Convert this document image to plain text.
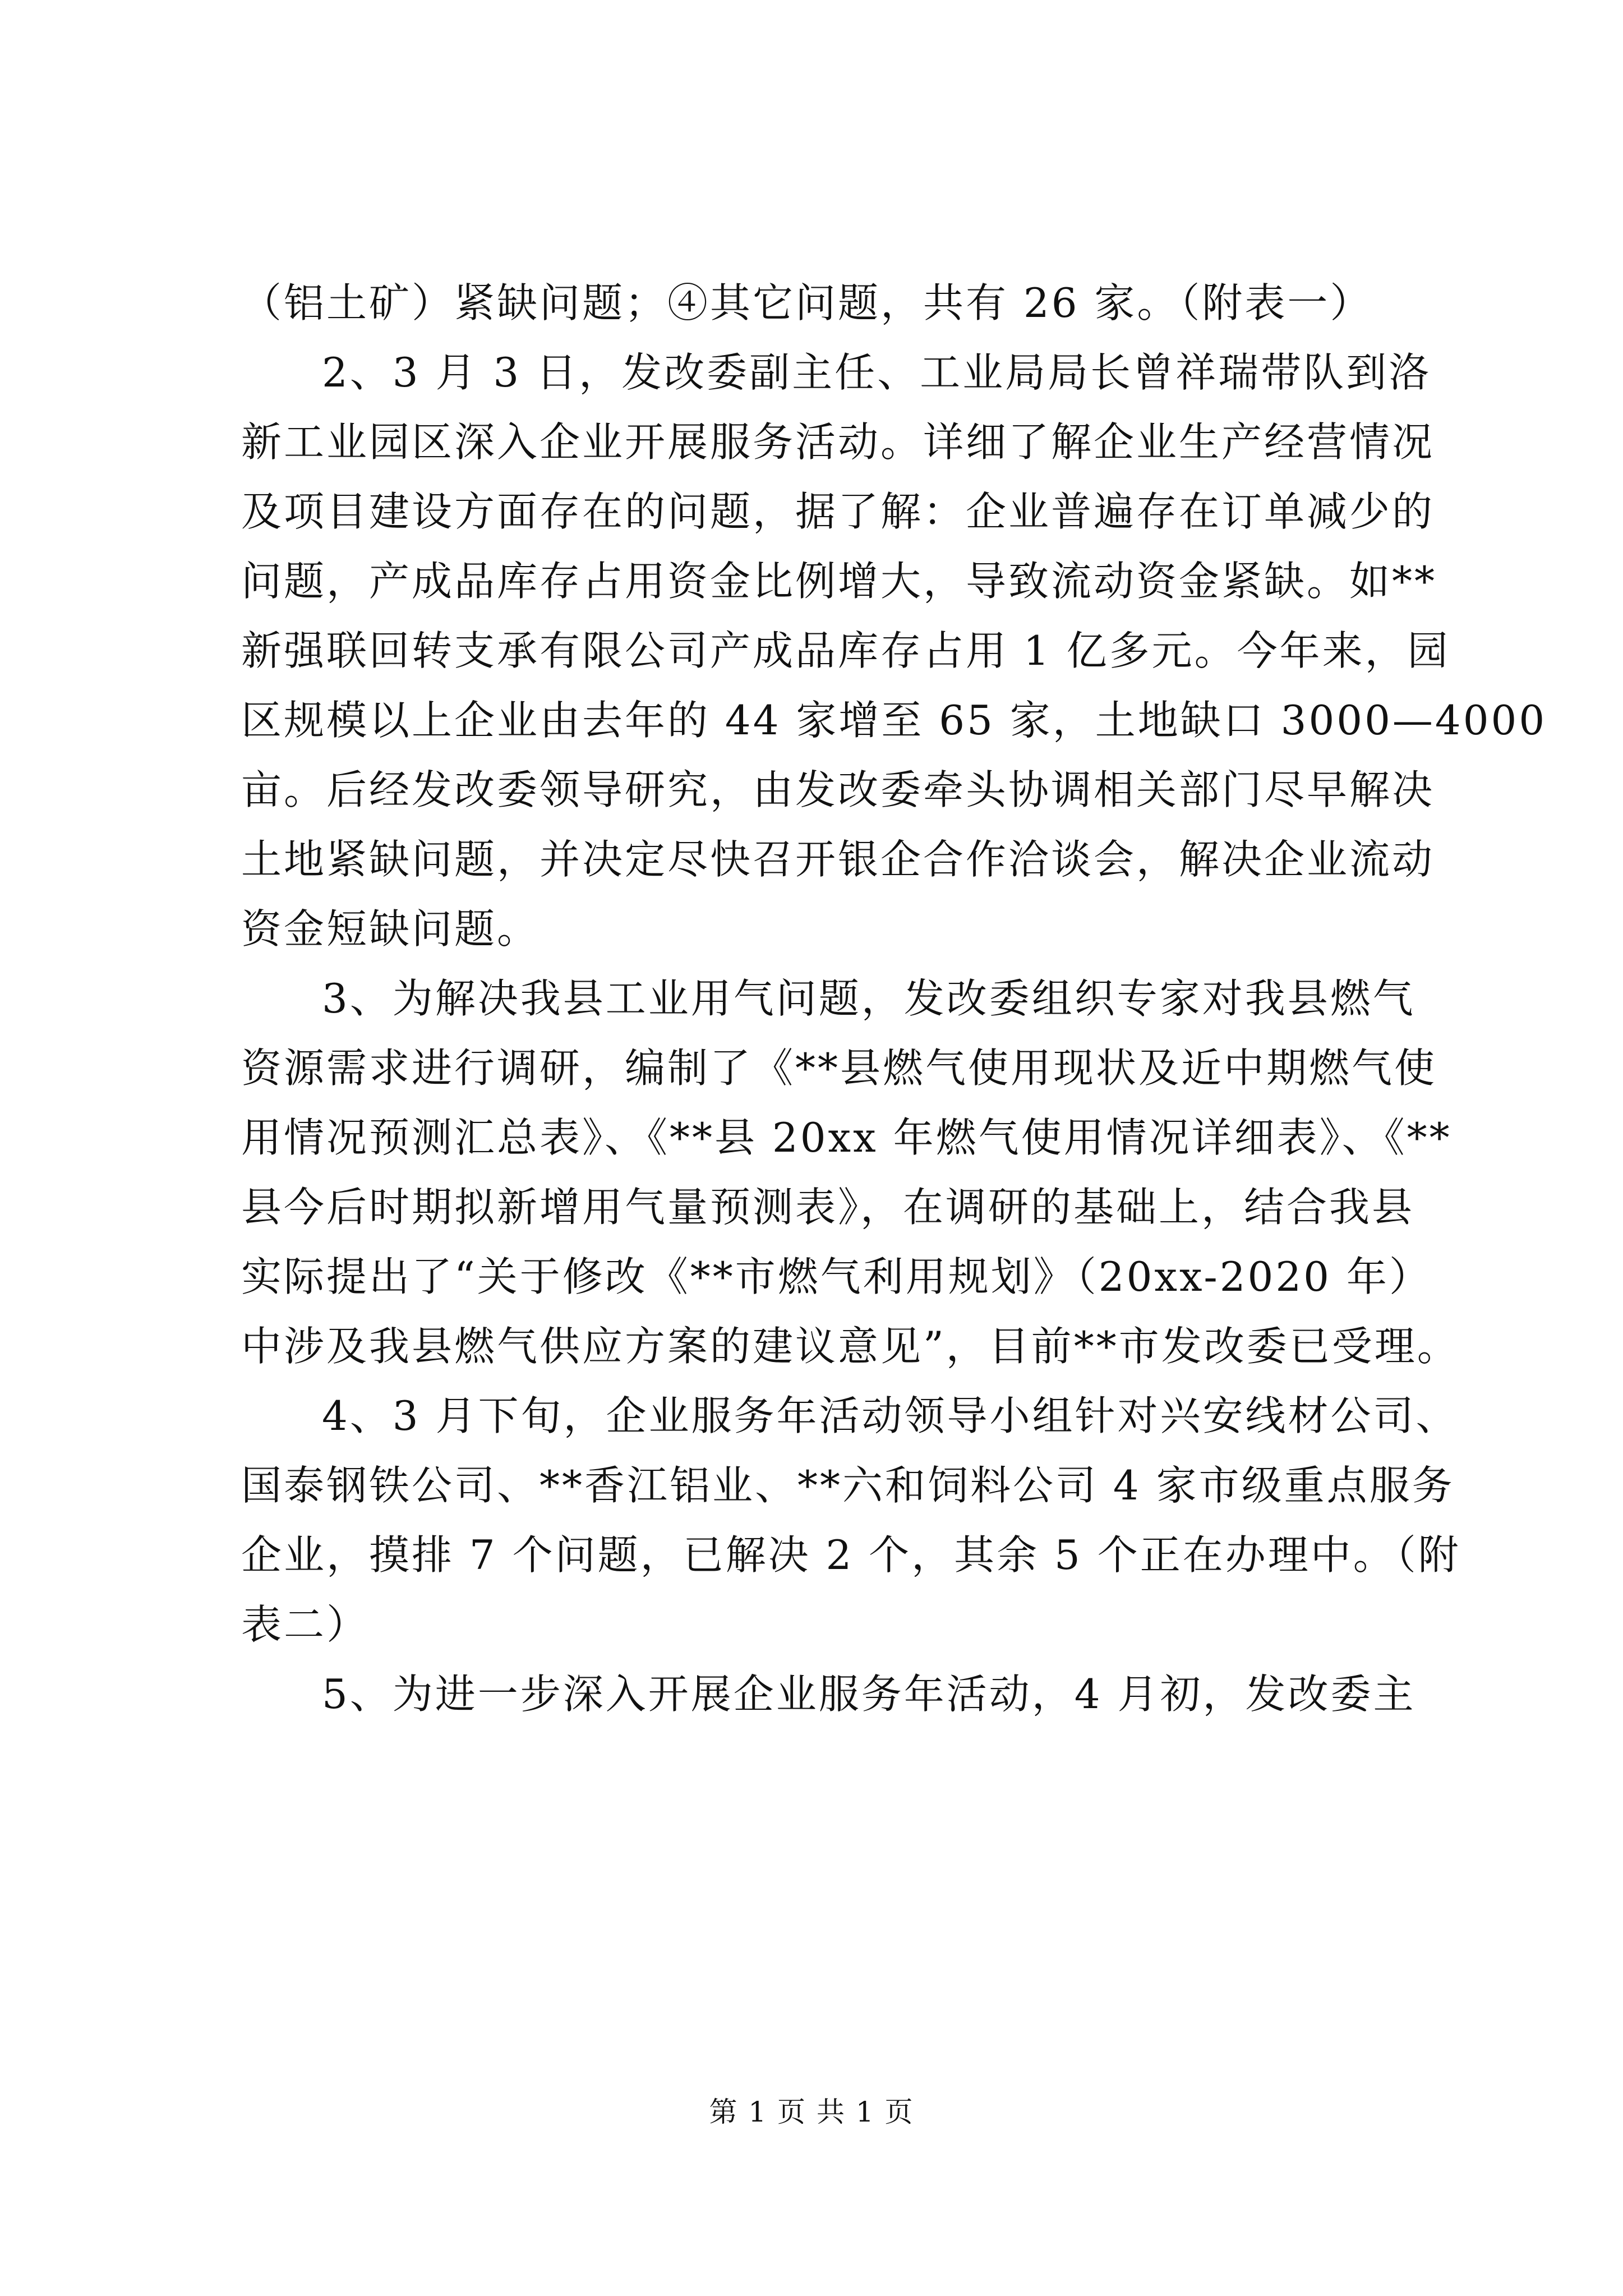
（铝土矿）紧缺问题；④其它问题，共有 26 家。（附表一）
2、3 月 3 日，发改委副主任、工业局局长曾祥瑞带队到洛
新工业园区深入企业开展服务活动。详细了解企业生产经营情况
及项目建设方面存在的问题，据了解：企业普遍存在订单减少的
问题，产成品库存占用资金比例增大，导致流动资金紧缺。如**
新强联回转支承有限公司产成品库存占用 1 亿多元。今年来，园
区规模以上企业由去年的 44 家增至 65 家，土地缺口 3000—4000
亩。后经发改委领导研究，由发改委牵头协调相关部门尽早解决
土地紧缺问题，并决定尽快召开银企合作洽谈会，解决企业流动
资金短缺问题。
3、为解决我县工业用气问题，发改委组织专家对我县燃气
资源需求进行调研，编制了《**县燃气使用现状及近中期燃气使
用情况预测汇总表》、《**县 20xx 年燃气使用情况详细表》、《**
县今后时期拟新增用气量预测表》，在调研的基础上，结合我县
实际提出了“关于修改《**市燃气利用规划》（20xx-2020 年）
中涉及我县燃气供应方案的建议意见”，目前**市发改委已受理。
4、3 月下旬，企业服务年活动领导小组针对兴安线材公司、
国泰钢铁公司、**香江铝业、**六和饲料公司 4 家市级重点服务
企业，摸排 7 个问题，已解决 2 个，其余 5 个正在办理中。（附
表二）
5、为进一步深入开展企业服务年活动，4 月初，发改委主
第 1 页 共 1 页
